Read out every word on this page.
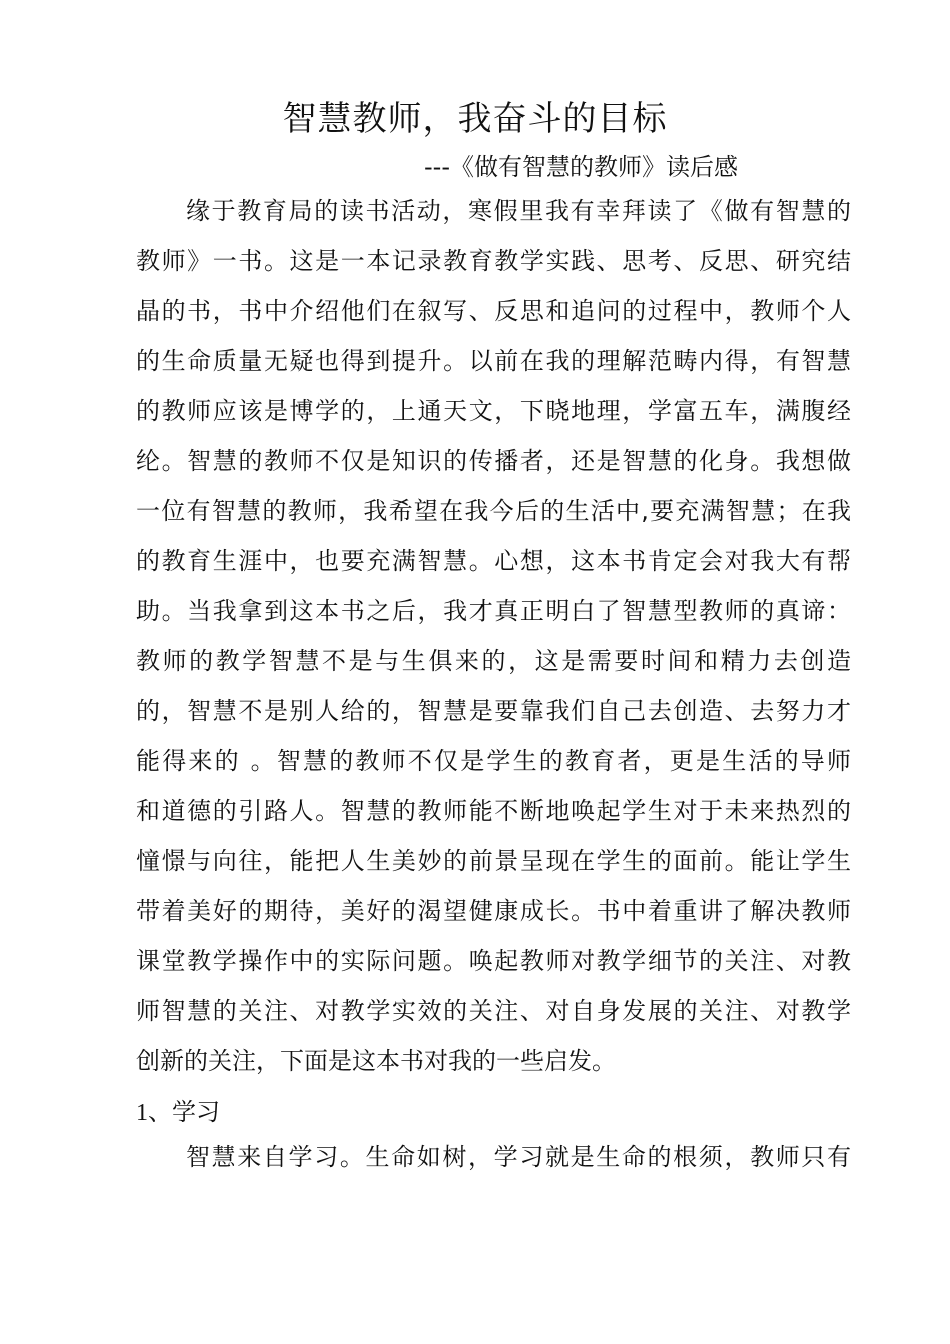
智慧教师，我奋斗的目标
---《做有智慧的教师》读后感
缘于教育局的读书活动，寒假里我有幸拜读了《做有智慧的
教师》一书。这是一本记录教育教学实践、思考、反思、研究结
晶的书，书中介绍他们在叙写、反思和追问的过程中，教师个人
的生命质量无疑也得到提升。以前在我的理解范畴内得，有智慧
的教师应该是博学的，上通天文，下晓地理，学富五车，满腹经
纶。智慧的教师不仅是知识的传播者，还是智慧的化身。我想做
一位有智慧的教师，我希望在我今后的生活中,要充满智慧；在我
的教育生涯中，也要充满智慧。心想，这本书肯定会对我大有帮
助。当我拿到这本书之后，我才真正明白了智慧型教师的真谛：
教师的教学智慧不是与生俱来的，这是需要时间和精力去创造
的，智慧不是别人给的，智慧是要靠我们自己去创造、去努力才
能得来的 。智慧的教师不仅是学生的教育者，更是生活的导师
和道德的引路人。智慧的教师能不断地唤起学生对于未来热烈的
憧憬与向往，能把人生美妙的前景呈现在学生的面前。能让学生
带着美好的期待，美好的渴望健康成长。书中着重讲了解决教师
课堂教学操作中的实际问题。唤起教师对教学细节的关注、对教
师智慧的关注、对教学实效的关注、对自身发展的关注、对教学
创新的关注，下面是这本书对我的一些启发。
1、学习
智慧来自学习。生命如树，学习就是生命的根须，教师只有
